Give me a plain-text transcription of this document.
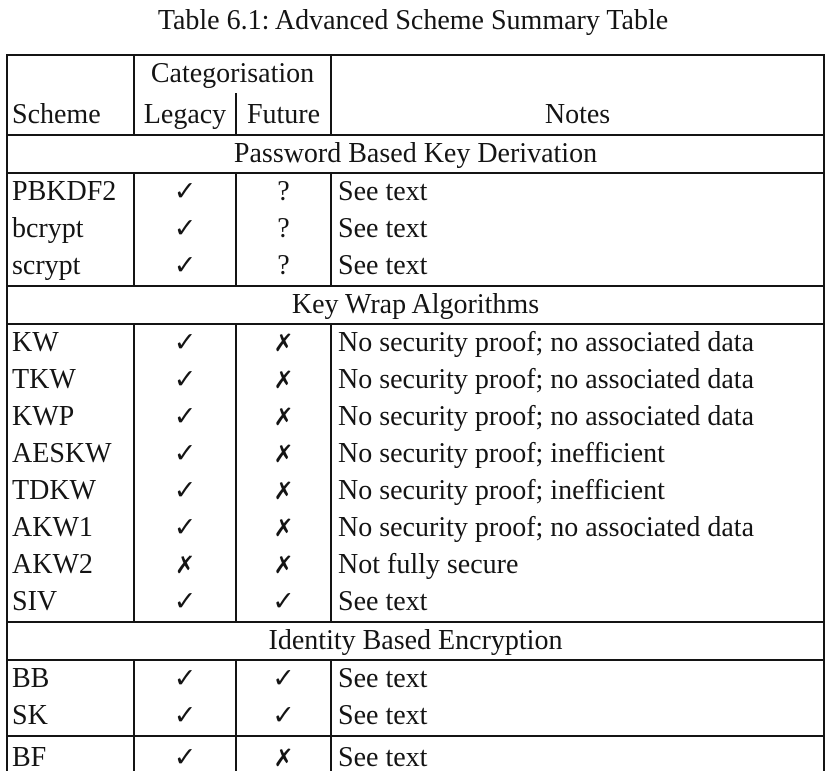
Table 6.1: Advanced Scheme Summary Table
	Categorisation		
Scheme	Legacy	Future	Notes
Password Based Key Derivation			
PBKDF2	✓	?	See text
bcrypt	✓	?	See text
scrypt	✓	?	See text
Key Wrap Algorithms			
KW	✓	✗	No security proof; no associated data
TKW	✓	✗	No security proof; no associated data
KWP	✓	✗	No security proof; no associated data
AESKW	✓	✗	No security proof; inefficient
TDKW	✓	✗	No security proof; inefficient
AKW1	✓	✗	No security proof; no associated data
AKW2	✗	✗	Not fully secure
SIV	✓	✓	See text
Identity Based Encryption			
BB	✓	✓	See text
SK	✓	✓	See text
BF	✓	✗	See text
